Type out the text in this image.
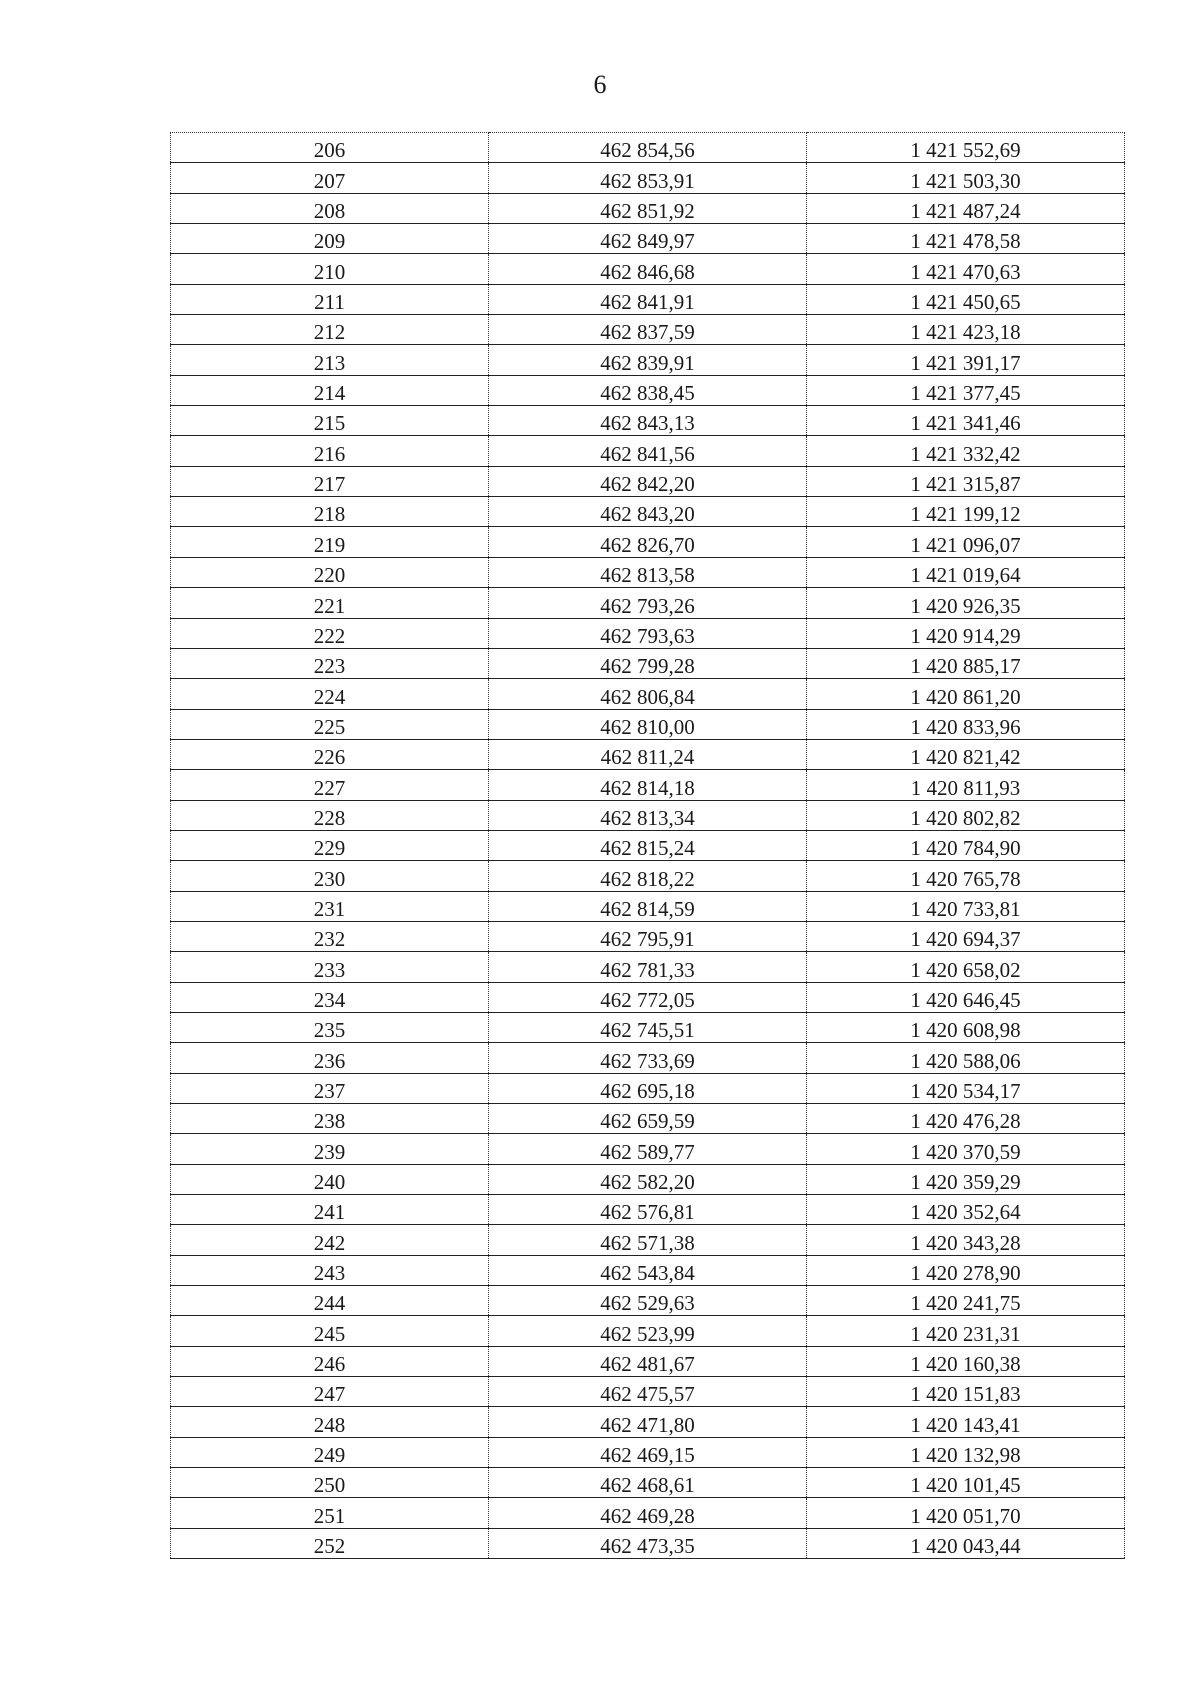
6
206	462 854,56	1 421 552,69
207	462 853,91	1 421 503,30
208	462 851,92	1 421 487,24
209	462 849,97	1 421 478,58
210	462 846,68	1 421 470,63
211	462 841,91	1 421 450,65
212	462 837,59	1 421 423,18
213	462 839,91	1 421 391,17
214	462 838,45	1 421 377,45
215	462 843,13	1 421 341,46
216	462 841,56	1 421 332,42
217	462 842,20	1 421 315,87
218	462 843,20	1 421 199,12
219	462 826,70	1 421 096,07
220	462 813,58	1 421 019,64
221	462 793,26	1 420 926,35
222	462 793,63	1 420 914,29
223	462 799,28	1 420 885,17
224	462 806,84	1 420 861,20
225	462 810,00	1 420 833,96
226	462 811,24	1 420 821,42
227	462 814,18	1 420 811,93
228	462 813,34	1 420 802,82
229	462 815,24	1 420 784,90
230	462 818,22	1 420 765,78
231	462 814,59	1 420 733,81
232	462 795,91	1 420 694,37
233	462 781,33	1 420 658,02
234	462 772,05	1 420 646,45
235	462 745,51	1 420 608,98
236	462 733,69	1 420 588,06
237	462 695,18	1 420 534,17
238	462 659,59	1 420 476,28
239	462 589,77	1 420 370,59
240	462 582,20	1 420 359,29
241	462 576,81	1 420 352,64
242	462 571,38	1 420 343,28
243	462 543,84	1 420 278,90
244	462 529,63	1 420 241,75
245	462 523,99	1 420 231,31
246	462 481,67	1 420 160,38
247	462 475,57	1 420 151,83
248	462 471,80	1 420 143,41
249	462 469,15	1 420 132,98
250	462 468,61	1 420 101,45
251	462 469,28	1 420 051,70
252	462 473,35	1 420 043,44
